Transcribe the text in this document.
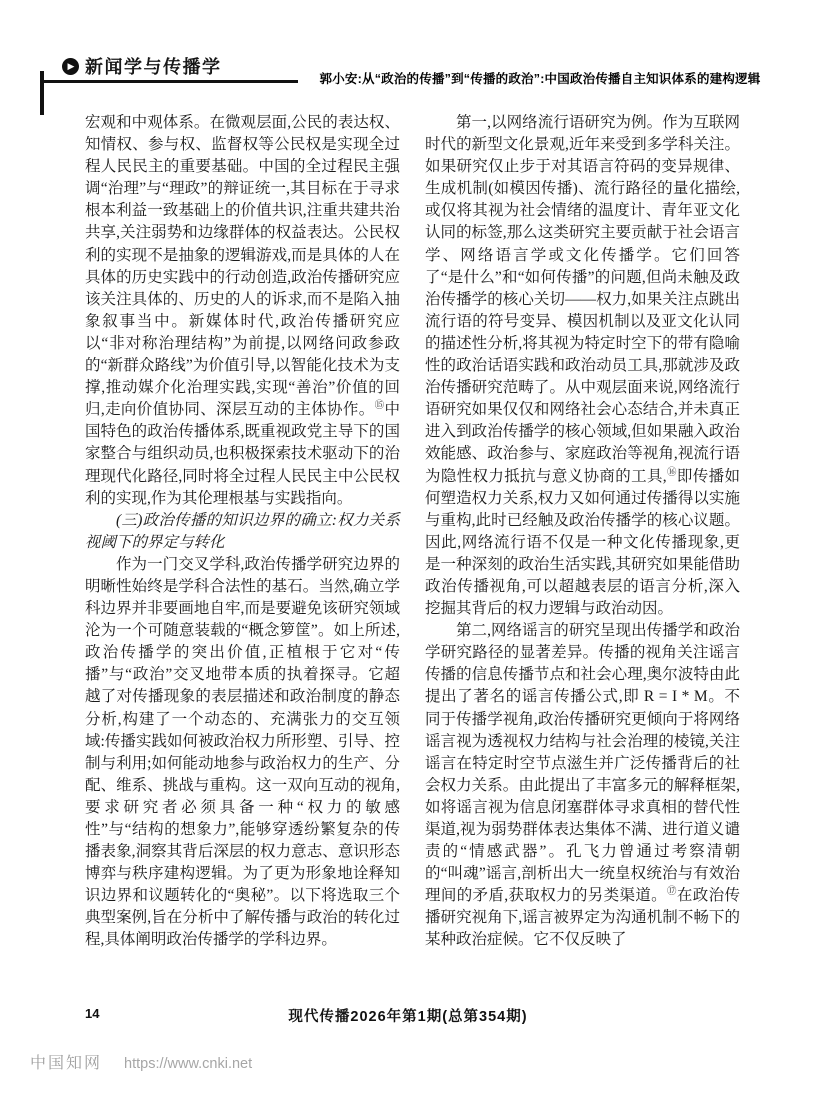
▶ 新闻学与传播学
郭小安:从“政治的传播”到“传播的政治”:中国政治传播自主知识体系的建构逻辑

宏观和中观体系。在微观层面,公民的表达权、知情权、参与权、监督权等公民权是实现全过程人民民主的重要基础。中国的全过程民主强调“治理”与“理政”的辩证统一,其目标在于寻求根本利益一致基础上的价值共识,注重共建共治共享,关注弱势和边缘群体的权益表达。公民权利的实现不是抽象的逻辑游戏,而是具体的人在具体的历史实践中的行动创造,政治传播研究应该关注具体的、历史的人的诉求,而不是陷入抽象叙事当中。新媒体时代,政治传播研究应以“非对称治理结构”为前提,以网络问政参政的“新群众路线”为价值引导,以智能化技术为支撑,推动媒介化治理实践,实现“善治”价值的回归,走向价值协同、深层互动的主体协作。⑮中国特色的政治传播体系,既重视政党主导下的国家整合与组织动员,也积极探索技术驱动下的治理现代化路径,同时将全过程人民民主中公民权利的实现,作为其伦理根基与实践指向。

(三)政治传播的知识边界的确立:权力关系视阈下的界定与转化

作为一门交叉学科,政治传播学研究边界的明晰性始终是学科合法性的基石。当然,确立学科边界并非要画地自牢,而是要避免该研究领域沦为一个可随意装载的“概念箩筐”。如上所述,政治传播学的突出价值,正植根于它对“传播”与“政治”交叉地带本质的执着探寻。它超越了对传播现象的表层描述和政治制度的静态分析,构建了一个动态的、充满张力的交互领域:传播实践如何被政治权力所形塑、引导、控制与利用;如何能动地参与政治权力的生产、分配、维系、挑战与重构。这一双向互动的视角,要求研究者必须具备一种“权力的敏感性”与“结构的想象力”,能够穿透纷繁复杂的传播表象,洞察其背后深层的权力意志、意识形态博弈与秩序建构逻辑。为了更为形象地诠释知识边界和议题转化的“奥秘”。以下将选取三个典型案例,旨在分析中了解传播与政治的转化过程,具体阐明政治传播学的学科边界。

第一,以网络流行语研究为例。作为互联网时代的新型文化景观,近年来受到多学科关注。如果研究仅止步于对其语言符码的变异规律、生成机制(如模因传播)、流行路径的量化描绘,或仅将其视为社会情绪的温度计、青年亚文化认同的标签,那么这类研究主要贡献于社会语言学、网络语言学或文化传播学。它们回答了“是什么”和“如何传播”的问题,但尚未触及政治传播学的核心关切——权力,如果关注点跳出流行语的符号变异、模因机制以及亚文化认同的描述性分析,将其视为特定时空下的带有隐喻性的政治话语实践和政治动员工具,那就涉及政治传播研究范畴了。从中观层面来说,网络流行语研究如果仅仅和网络社会心态结合,并未真正进入到政治传播学的核心领域,但如果融入政治效能感、政治参与、家庭政治等视角,视流行语为隐性权力抵抗与意义协商的工具,⑯即传播如何塑造权力关系,权力又如何通过传播得以实施与重构,此时已经触及政治传播学的核心议题。因此,网络流行语不仅是一种文化传播现象,更是一种深刻的政治生活实践,其研究如果能借助政治传播视角,可以超越表层的语言分析,深入挖掘其背后的权力逻辑与政治动因。

第二,网络谣言的研究呈现出传播学和政治学研究路径的显著差异。传播的视角关注谣言传播的信息传播节点和社会心理,奥尔波特由此提出了著名的谣言传播公式,即 R = I * M。不同于传播学视角,政治传播研究更倾向于将网络谣言视为透视权力结构与社会治理的棱镜,关注谣言在特定时空节点滋生并广泛传播背后的社会权力关系。由此提出了丰富多元的解释框架,如将谣言视为信息闭塞群体寻求真相的替代性渠道,视为弱势群体表达集体不满、进行道义谴责的“情感武器”。孔飞力曾通过考察清朝的“叫魂”谣言,剖析出大一统皇权统治与有效治理间的矛盾,获取权力的另类渠道。⑰在政治传播研究视角下,谣言被界定为沟通机制不畅下的某种政治症候。它不仅反映了

14	现代传播2026年第1期(总第354期)
中国知网 https://www.cnki.net
